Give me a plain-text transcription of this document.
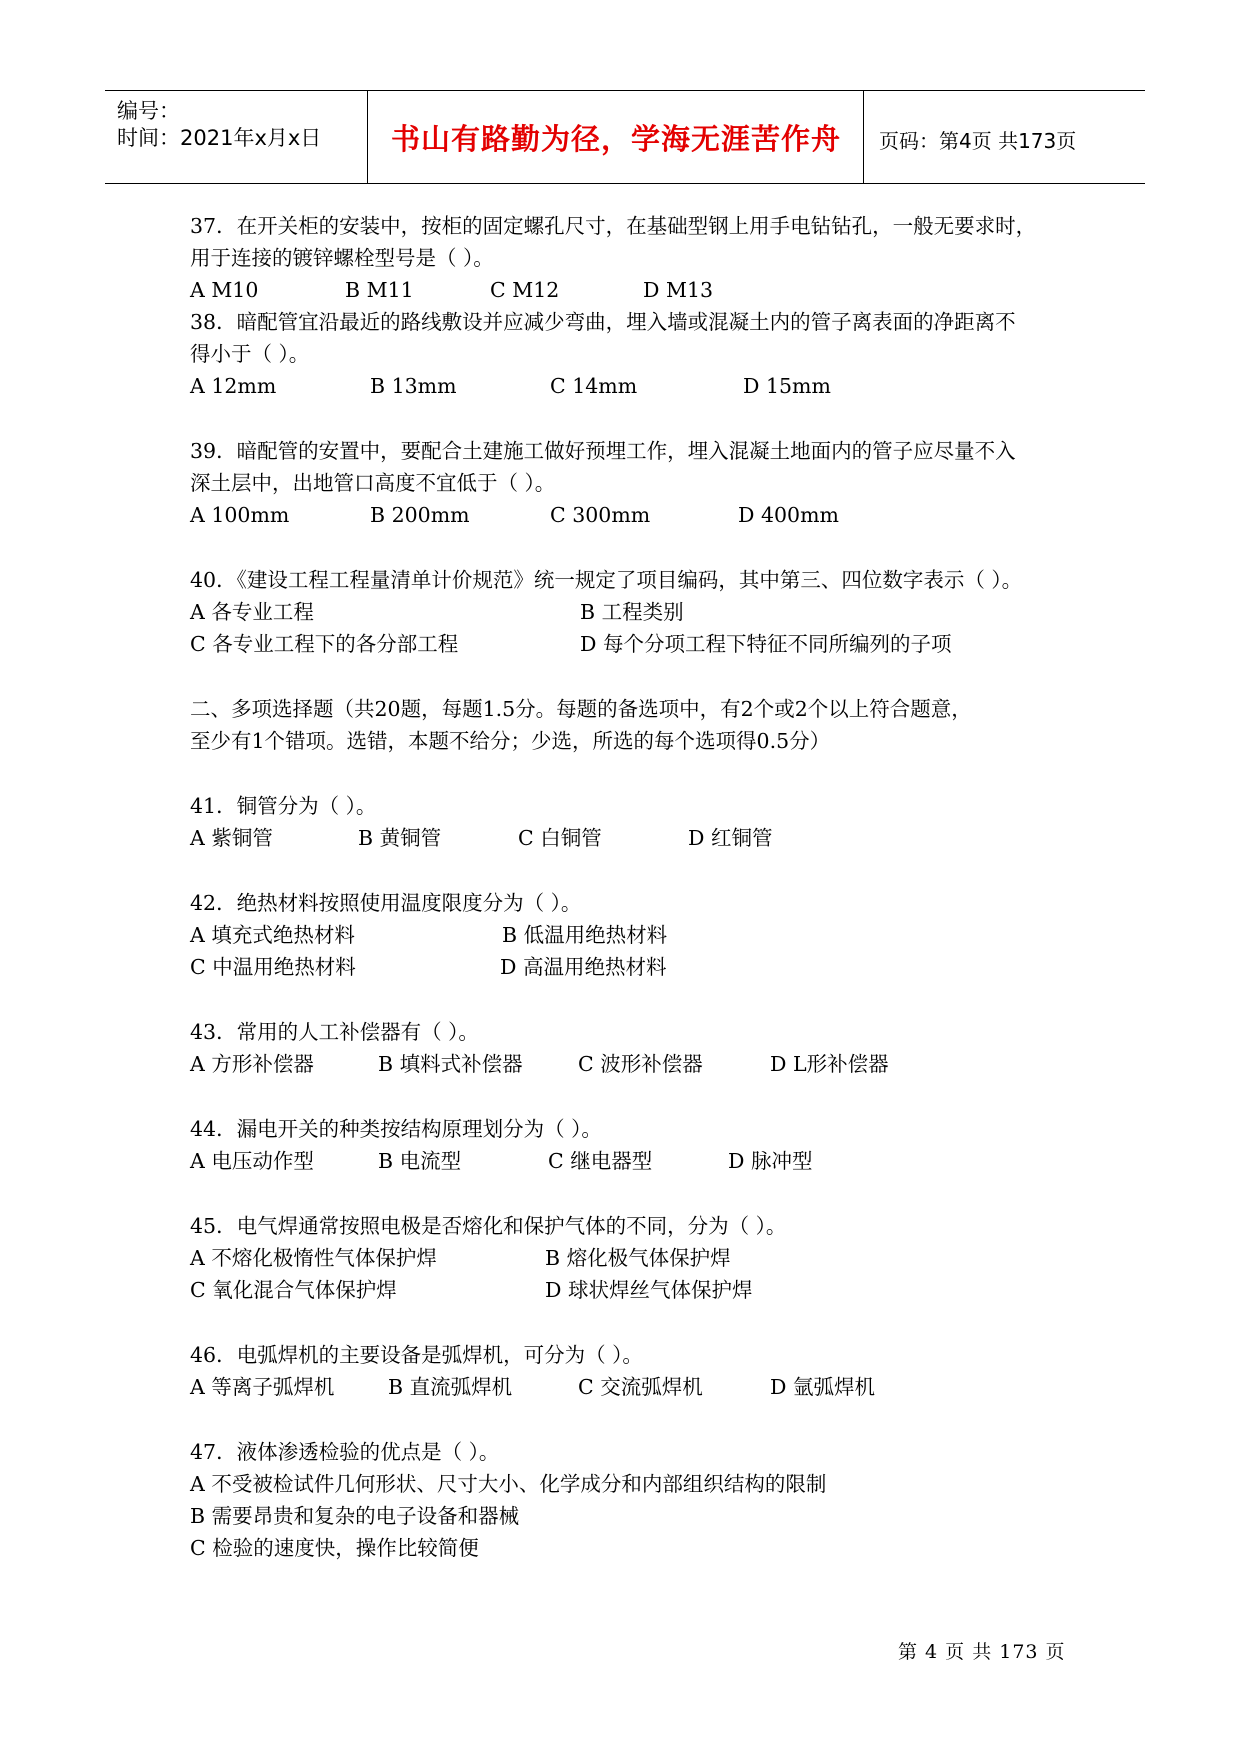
编号：
时间：2021年x月x日	书山有路勤为径，学海无涯苦作舟	页码：第4页 共173页
37．在开关柜的安装中，按柜的固定螺孔尺寸，在基础型钢上用手电钻钻孔，一般无要求时，
用于连接的镀锌螺栓型号是（ ）。
A M10	B M11	C M12	D M13
38．暗配管宜沿最近的路线敷设并应减少弯曲，埋入墙或混凝土内的管子离表面的净距离不
得小于（ ）。
A 12mm	B 13mm	C 14mm	D 15mm
39．暗配管的安置中，要配合土建施工做好预埋工作，埋入混凝土地面内的管子应尽量不入
深土层中，出地管口高度不宜低于（ ）。
A 100mm	B 200mm	C 300mm	D 400mm
40．《建设工程工程量清单计价规范》统一规定了项目编码，其中第三、四位数字表示（ ）。
A 各专业工程	B 工程类别
C 各专业工程下的各分部工程	D 每个分项工程下特征不同所编列的子项
二、多项选择题（共20题，每题1.5分。每题的备选项中，有2个或2个以上符合题意，
至少有1个错项。选错，本题不给分；少选，所选的每个选项得0.5分）
41．铜管分为（ ）。
A 紫铜管	B 黄铜管	C 白铜管	D 红铜管
42．绝热材料按照使用温度限度分为（ ）。
A 填充式绝热材料	B 低温用绝热材料
C 中温用绝热材料	D 高温用绝热材料
43．常用的人工补偿器有（ ）。
A 方形补偿器	B 填料式补偿器	C 波形补偿器	D L形补偿器
44．漏电开关的种类按结构原理划分为（ ）。
A 电压动作型	B 电流型	C 继电器型	D 脉冲型
45．电气焊通常按照电极是否熔化和保护气体的不同，分为（ ）。
A 不熔化极惰性气体保护焊	B 熔化极气体保护焊
C 氧化混合气体保护焊	D 球状焊丝气体保护焊
46．电弧焊机的主要设备是弧焊机，可分为（ ）。
A 等离子弧焊机	B 直流弧焊机	C 交流弧焊机	D 氩弧焊机
47．液体渗透检验的优点是（ ）。
A 不受被检试件几何形状、尺寸大小、化学成分和内部组织结构的限制
B 需要昂贵和复杂的电子设备和器械
C 检验的速度快，操作比较简便
第 4 页 共 173 页
